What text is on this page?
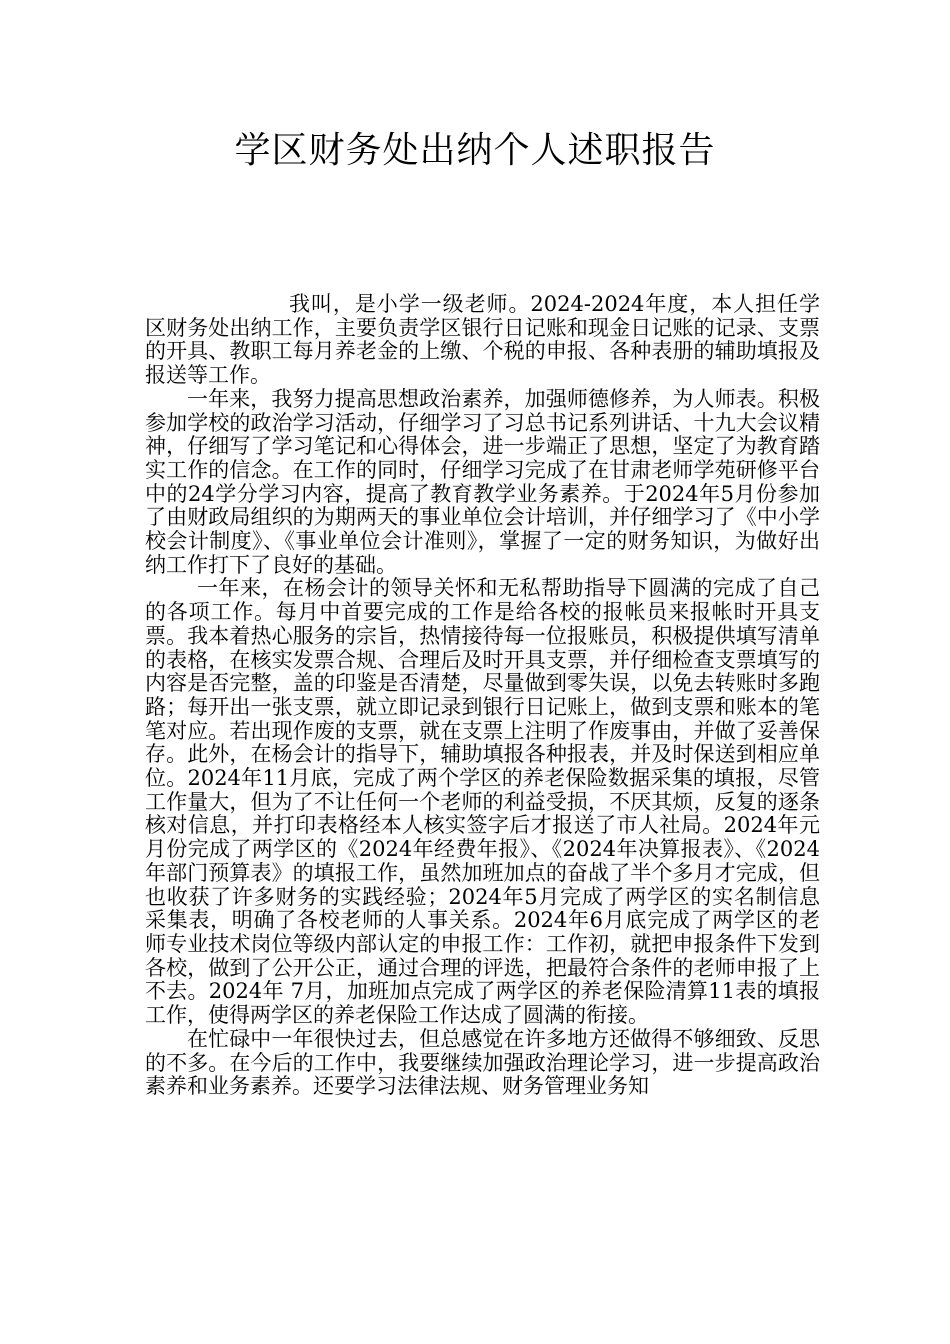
学区财务处出纳个人述职报告

我叫，是小学一级老师。2024-2024年度，本人担任学区财务处出纳工作，主要负责学区银行日记账和现金日记账的记录、支票的开具、教职工每月养老金的上缴、个税的申报、各种表册的辅助填报及报送等工作。

一年来，我努力提高思想政治素养，加强师德修养，为人师表。积极参加学校的政治学习活动，仔细学习了习总书记系列讲话、十九大会议精神，仔细写了学习笔记和心得体会，进一步端正了思想，坚定了为教育踏实工作的信念。在工作的同时，仔细学习完成了在甘肃老师学苑研修平台中的24学分学习内容，提高了教育教学业务素养。于2024年5月份参加了由财政局组织的为期两天的事业单位会计培训，并仔细学习了《中小学校会计制度》、《事业单位会计准则》，掌握了一定的财务知识，为做好出纳工作打下了良好的基础。

一年来，在杨会计的领导关怀和无私帮助指导下圆满的完成了自己的各项工作。每月中首要完成的工作是给各校的报帐员来报帐时开具支票。我本着热心服务的宗旨，热情接待每一位报账员，积极提供填写清单的表格，在核实发票合规、合理后及时开具支票，并仔细检查支票填写的内容是否完整，盖的印鉴是否清楚，尽量做到零失误，以免去转账时多跑路；每开出一张支票，就立即记录到银行日记账上，做到支票和账本的笔笔对应。若出现作废的支票，就在支票上注明了作废事由，并做了妥善保存。此外，在杨会计的指导下，辅助填报各种报表，并及时保送到相应单位。2024年11月底，完成了两个学区的养老保险数据采集的填报，尽管工作量大，但为了不让任何一个老师的利益受损，不厌其烦，反复的逐条核对信息，并打印表格经本人核实签字后才报送了市人社局。2024年元月份完成了两学区的《2024年经费年报》、《2024年决算报表》、《2024年部门预算表》的填报工作，虽然加班加点的奋战了半个多月才完成，但也收获了许多财务的实践经验；2024年5月完成了两学区的实名制信息采集表，明确了各校老师的人事关系。2024年6月底完成了两学区的老师专业技术岗位等级内部认定的申报工作：工作初，就把申报条件下发到各校，做到了公开公正，通过合理的评选，把最符合条件的老师申报了上不去。2024年 7月，加班加点完成了两学区的养老保险清算11表的填报工作，使得两学区的养老保险工作达成了圆满的衔接。

在忙碌中一年很快过去，但总感觉在许多地方还做得不够细致、反思的不多。在今后的工作中，我要继续加强政治理论学习，进一步提高政治素养和业务素养。还要学习法律法规、财务管理业务知
